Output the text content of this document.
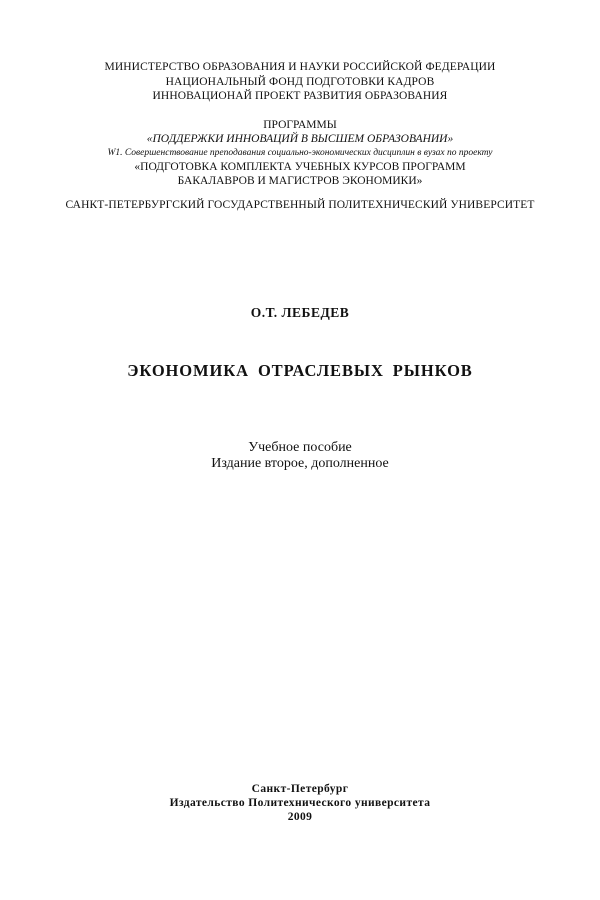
МИНИСТЕРСТВО ОБРАЗОВАНИЯ И НАУКИ РОССИЙСКОЙ ФЕДЕРАЦИИ
НАЦИОНАЛЬНЫЙ ФОНД ПОДГОТОВКИ КАДРОВ
ИННОВАЦИОНАЙ ПРОЕКТ РАЗВИТИЯ ОБРАЗОВАНИЯ
ПРОГРАММЫ
«ПОДДЕРЖКИ ИННОВАЦИЙ В ВЫСШЕМ ОБРАЗОВАНИИ»
W1. Совершенствование преподавания социально-экономических дисциплин в вузах по проекту
«ПОДГОТОВКА КОМПЛЕКТА УЧЕБНЫХ КУРСОВ ПРОГРАММ
БАКАЛАВРОВ И МАГИСТРОВ ЭКОНОМИКИ»
САНКТ-ПЕТЕРБУРГСКИЙ ГОСУДАРСТВЕННЫЙ ПОЛИТЕХНИЧЕСКИЙ УНИВЕРСИТЕТ
О.Т. ЛЕБЕДЕВ
ЭКОНОМИКА ОТРАСЛЕВЫХ РЫНКОВ
Учебное пособие
Издание второе, дополненное
Санкт-Петербург
Издательство Политехнического университета
2009
